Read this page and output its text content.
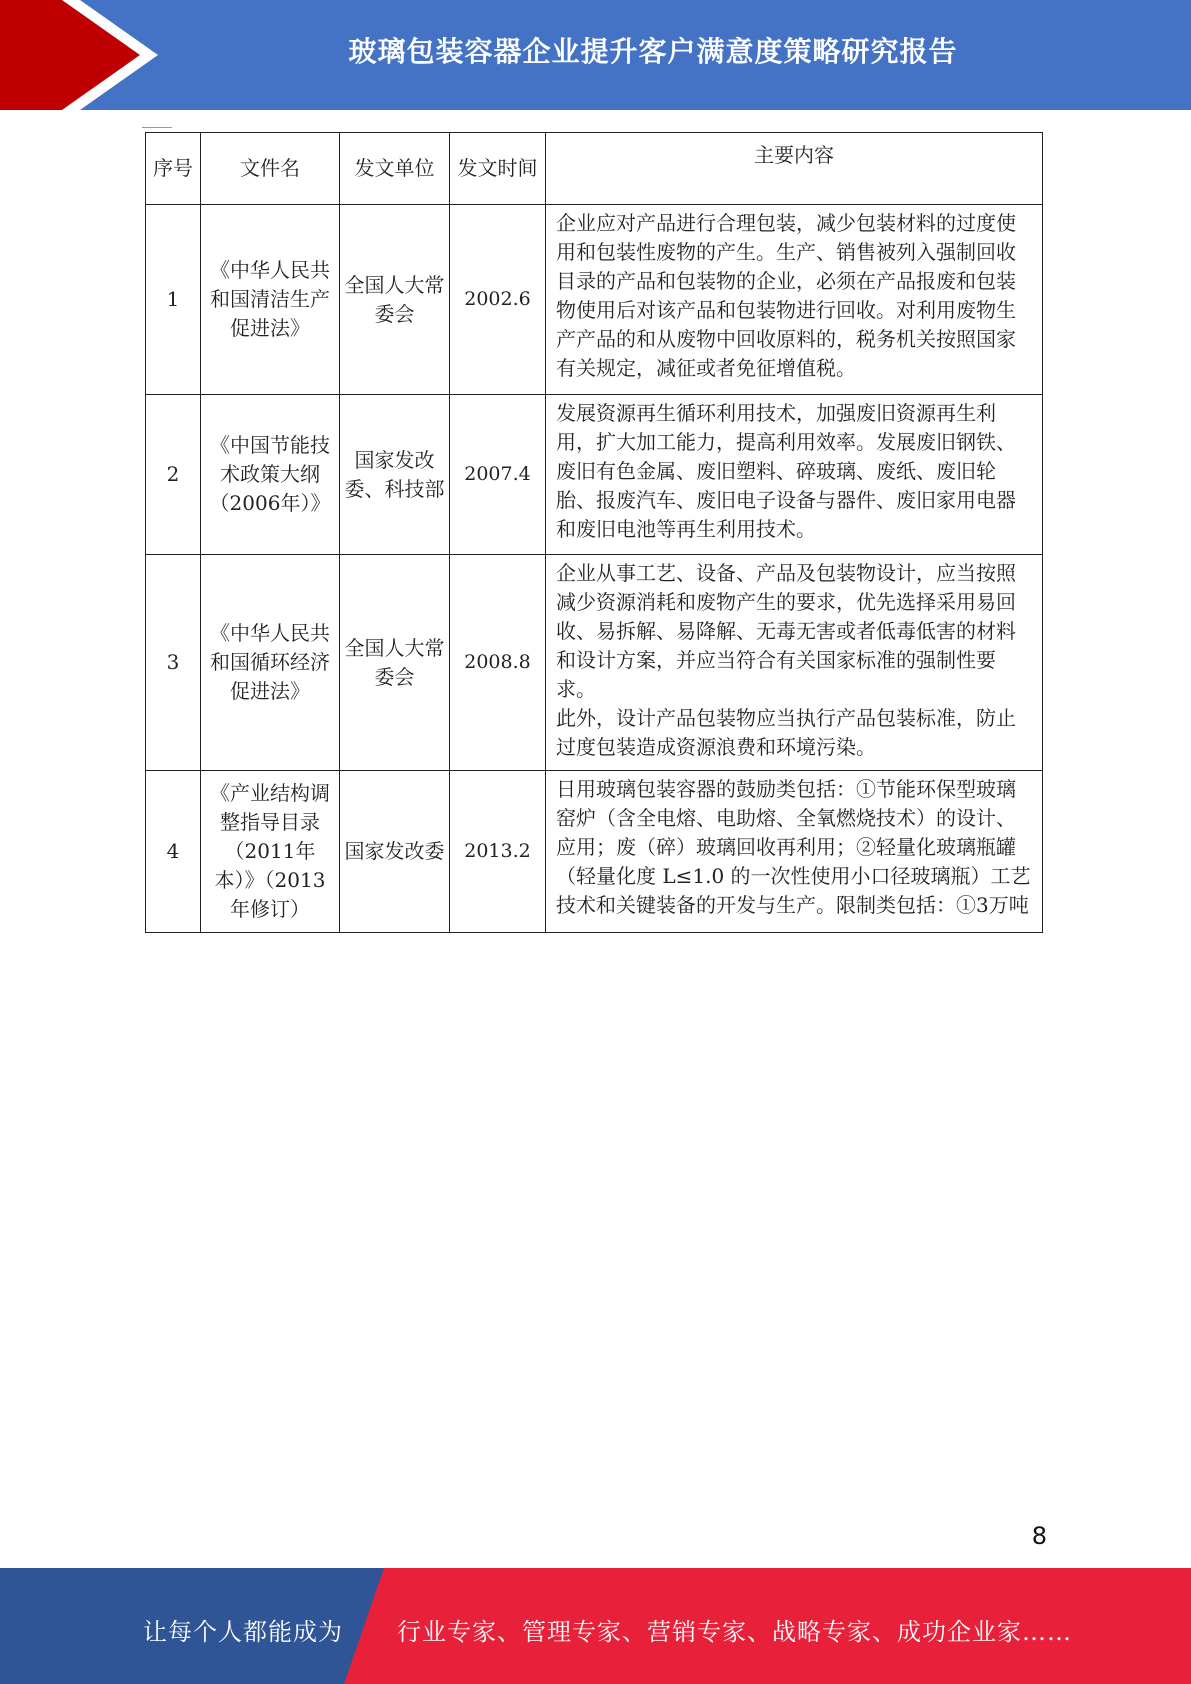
玻璃包装容器企业提升客户满意度策略研究报告
序号	文件名	发文单位	发文时间	主要内容
1	《中华人民共和国清洁生产促进法》	全国人大常委会	2002.6	企业应对产品进行合理包装，减少包装材料的过度使用和包装性废物的产生。生产、销售被列入强制回收目录的产品和包装物的企业，必须在产品报废和包装物使用后对该产品和包装物进行回收。对利用废物生产产品的和从废物中回收原料的，税务机关按照国家有关规定，减征或者免征增值税。
2	《中国节能技术政策大纲（2006年）》	国家发改委、科技部	2007.4	发展资源再生循环利用技术，加强废旧资源再生利用，扩大加工能力，提高利用效率。发展废旧钢铁、废旧有色金属、废旧塑料、碎玻璃、废纸、废旧轮胎、报废汽车、废旧电子设备与器件、废旧家用电器和废旧电池等再生利用技术。
3	《中华人民共和国循环经济促进法》	全国人大常委会	2008.8	企业从事工艺、设备、产品及包装物设计，应当按照减少资源消耗和废物产生的要求，优先选择采用易回收、易拆解、易降解、无毒无害或者低毒低害的材料和设计方案，并应当符合有关国家标准的强制性要求。
此外，设计产品包装物应当执行产品包装标准，防止过度包装造成资源浪费和环境污染。

4	《产业结构调整指导目录（2011年本）》（2013年修订）	国家发改委	2013.2	日用玻璃包装容器的鼓励类包括：①节能环保型玻璃窑炉（含全电熔、电助熔、全氧燃烧技术）的设计、应用；废（碎）玻璃回收再利用；②轻量化玻璃瓶罐（轻量化度 L≤1.0 的一次性使用小口径玻璃瓶）工艺技术和关键装备的开发与生产。限制类包括：①3万吨
8
让每个人都能成为 行业专家、管理专家、营销专家、战略专家、成功企业家……
